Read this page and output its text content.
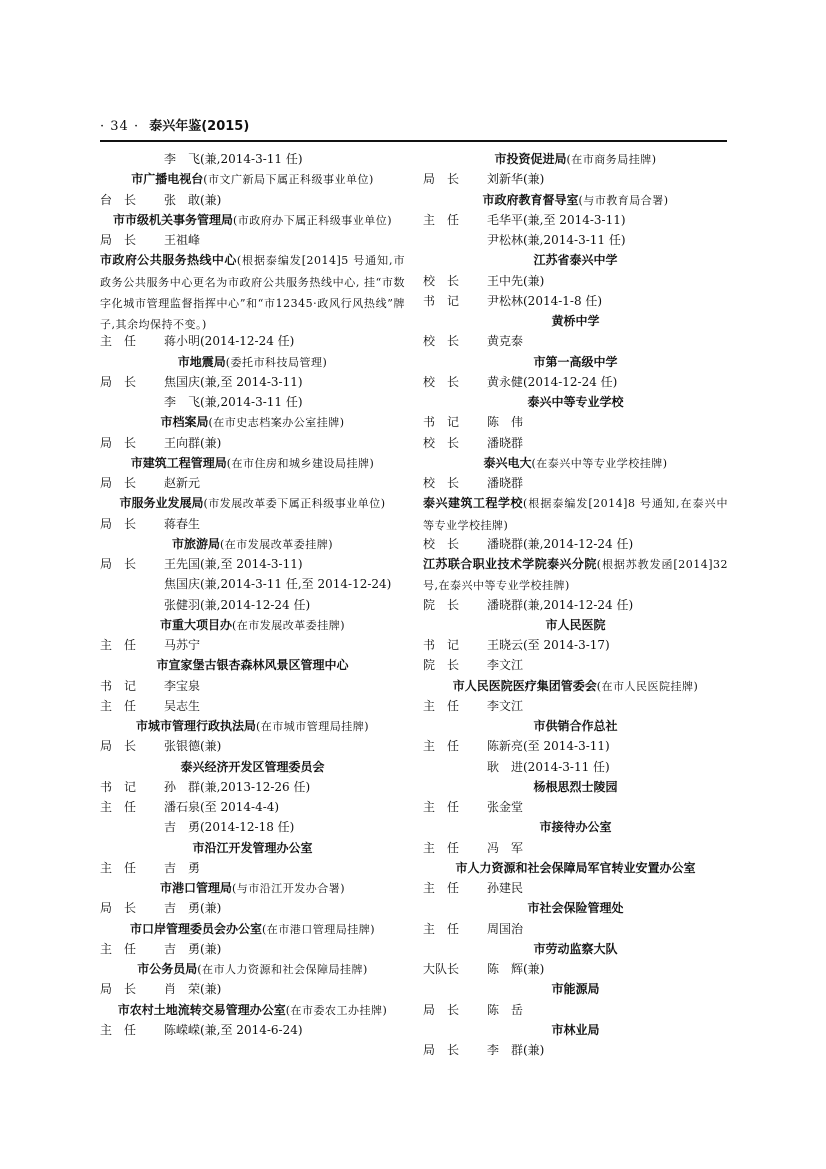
· 34 · 泰兴年鉴(2015)
李　飞(兼,2014-3-11 任)
市广播电视台(市文广新局下属正科级事业单位)
台　长 张　敢(兼)
市市级机关事务管理局(市政府办下属正科级事业单位)
局　长 王祖峰
市政府公共服务热线中心(根据泰编发[2014]5 号通知,市政务公共服务中心更名为市政府公共服务热线中心, 挂“市数字化城市管理监督指挥中心”和“市12345·政风行风热线”牌子,其余均保持不变。)
主　任 蒋小明(2014-12-24 任)
市地震局(委托市科技局管理)
局　长 焦国庆(兼,至 2014-3-11)
李　飞(兼,2014-3-11 任)
市档案局(在市史志档案办公室挂牌)
局　长 王向群(兼)
市建筑工程管理局(在市住房和城乡建设局挂牌)
局　长 赵新元
市服务业发展局(市发展改革委下属正科级事业单位)
局　长 蒋春生
市旅游局(在市发展改革委挂牌)
局　长 王先国(兼,至 2014-3-11)
焦国庆(兼,2014-3-11 任,至 2014-12-24)
张健羽(兼,2014-12-24 任)
市重大项目办(在市发展改革委挂牌)
主　任 马苏宁
市宣家堡古银杏森林风景区管理中心
书　记 李宝泉
主　任 吴志生
市城市管理行政执法局(在市城市管理局挂牌)
局　长 张银德(兼)
泰兴经济开发区管理委员会
书　记 孙　群(兼,2013-12-26 任)
主　任 潘石泉(至 2014-4-4)
吉　勇(2014-12-18 任)
市沿江开发管理办公室
主　任 吉　勇
市港口管理局(与市沿江开发办合署)
局　长 吉　勇(兼)
市口岸管理委员会办公室(在市港口管理局挂牌)
主　任 吉　勇(兼)
市公务员局(在市人力资源和社会保障局挂牌)
局　长 肖　荣(兼)
市农村土地流转交易管理办公室(在市委农工办挂牌)
主　任 陈嵘嵘(兼,至 2014-6-24)
市投资促进局(在市商务局挂牌)
局　长 刘新华(兼)
市政府教育督导室(与市教育局合署)
主　任 毛华平(兼,至 2014-3-11)
尹松林(兼,2014-3-11 任)
江苏省泰兴中学
校　长 王中先(兼)
书　记 尹松林(2014-1-8 任)
黄桥中学
校　长 黄克泰
市第一高级中学
校　长 黄永健(2014-12-24 任)
泰兴中等专业学校
书　记 陈　伟
校　长 潘晓群
泰兴电大(在泰兴中等专业学校挂牌)
校　长 潘晓群
泰兴建筑工程学校(根据泰编发[2014]8 号通知,在泰兴中等专业学校挂牌)
校　长 潘晓群(兼,2014-12-24 任)
江苏联合职业技术学院泰兴分院(根据苏教发函[2014]32 号,在泰兴中等专业学校挂牌)
院　长 潘晓群(兼,2014-12-24 任)
市人民医院
书　记 王晓云(至 2014-3-17)
院　长 李文江
市人民医院医疗集团管委会(在市人民医院挂牌)
主　任 李文江
市供销合作总社
主　任 陈新亮(至 2014-3-11)
耿　进(2014-3-11 任)
杨根思烈士陵园
主　任 张金堂
市接待办公室
主　任 冯　军
市人力资源和社会保障局军官转业安置办公室
主　任 孙建民
市社会保险管理处
主　任 周国治
市劳动监察大队
大队长 陈　辉(兼)
市能源局
局　长 陈　岳
市林业局
局　长 李　群(兼)
